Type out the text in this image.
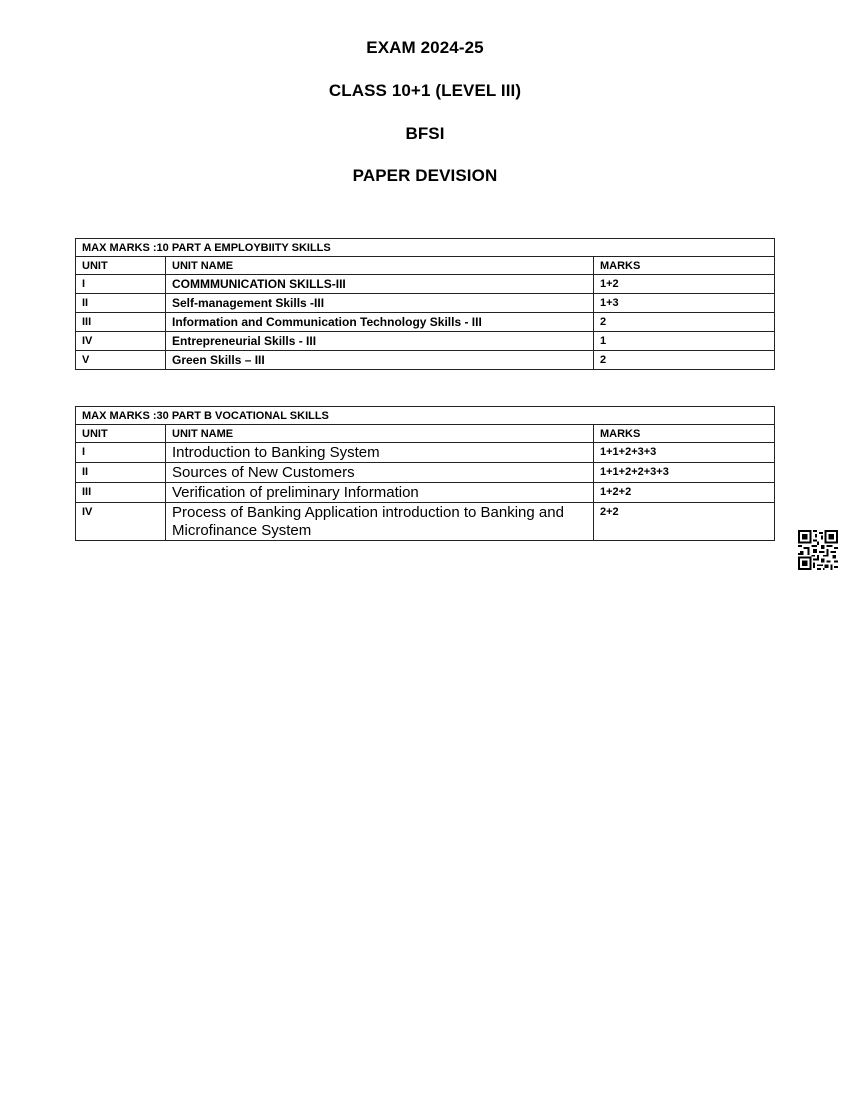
EXAM 2024-25
CLASS 10+1 (LEVEL III)
BFSI
PAPER DEVISION
MAX MARKS :10 PART A EMPLOYBIITY SKILLS		
UNIT	UNIT NAME	MARKS
I	COMMMUNICATION SKILLS-III	1+2
II	Self-management Skills -III	1+3
III	Information and Communication Technology Skills - III	2
IV	Entrepreneurial Skills - III	1
V	Green Skills – III	2
MAX MARKS :30 PART B VOCATIONAL SKILLS		
UNIT	UNIT NAME	MARKS
I	Introduction to Banking System	1+1+2+3+3
II	Sources of New Customers	1+1+2+2+3+3
III	Verification of preliminary Information	1+2+2
IV	Process of Banking Application introduction to Banking and Microfinance System	2+2
